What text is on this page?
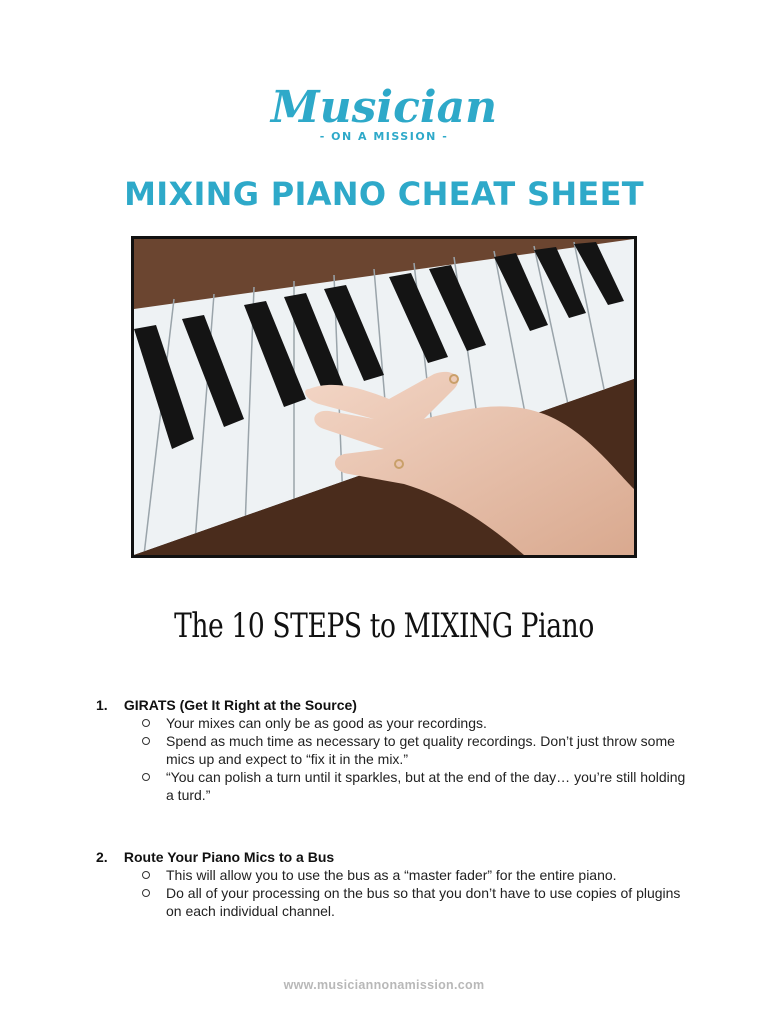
Musician
- ON A MISSION -
MIXING PIANO CHEAT SHEET
The 10 STEPS to MIXING Piano
1. GIRATS (Get It Right at the Source)
Your mixes can only be as good as your recordings.
Spend as much time as necessary to get quality recordings. Don’t just throw some mics up and expect to “fix it in the mix.”
“You can polish a turn until it sparkles, but at the end of the day… you’re still holding a turd.”
2. Route Your Piano Mics to a Bus
This will allow you to use the bus as a “master fader” for the entire piano.
Do all of your processing on the bus so that you don’t have to use copies of plugins on each individual channel.
www.musiciannonamission.com
